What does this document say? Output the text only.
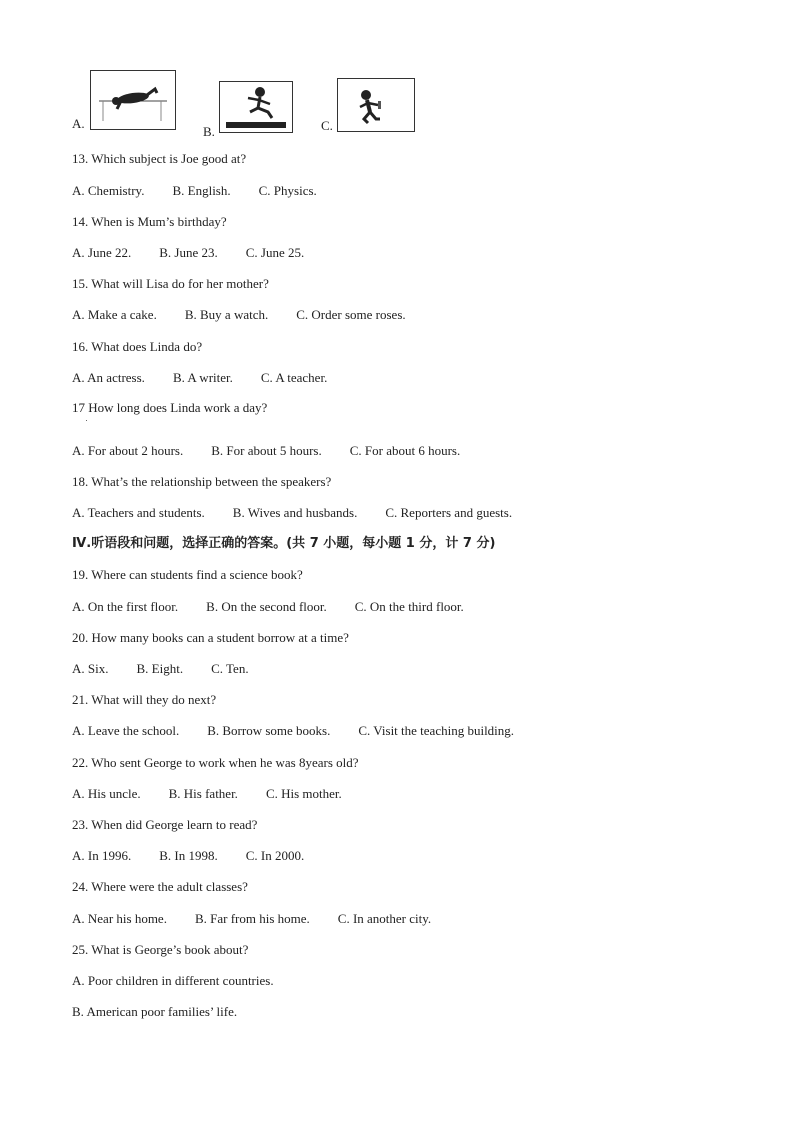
A.
B.	C.
13. Which subject is Joe good at?
A. Chemistry. B. English. C. Physics.
14. When is Mum’s birthday?
A. June 22. B. June 23. C. June 25.
15. What will Lisa do for her mother?
A. Make a cake. B. Buy a watch. C. Order some roses.
16. What does Linda do?
A. An actress. B. A writer. C. A teacher.
17 How long does Linda work a day?
A. For about 2 hours. B. For about 5 hours. C. For about 6 hours.
18. What’s the relationship between the speakers?
A. Teachers and students. B. Wives and husbands. C. Reporters and guests.
Ⅳ.听语段和问题，选择正确的答案。(共 7 小题，每小题 1 分，计 7 分)
19. Where can students find a science book?
A. On the first floor. B. On the second floor. C. On the third floor.
20. How many books can a student borrow at a time?
A. Six. B. Eight. C. Ten.
21. What will they do next?
A. Leave the school. B. Borrow some books. C. Visit the teaching building.
22. Who sent George to work when he was 8years old?
A. His uncle. B. His father. C. His mother.
23. When did George learn to read?
A. In 1996. B. In 1998. C. In 2000.
24. Where were the adult classes?
A. Near his home. B. Far from his home. C. In another city.
25. What is George’s book about?
A. Poor children in different countries.
B. American poor families’ life.
